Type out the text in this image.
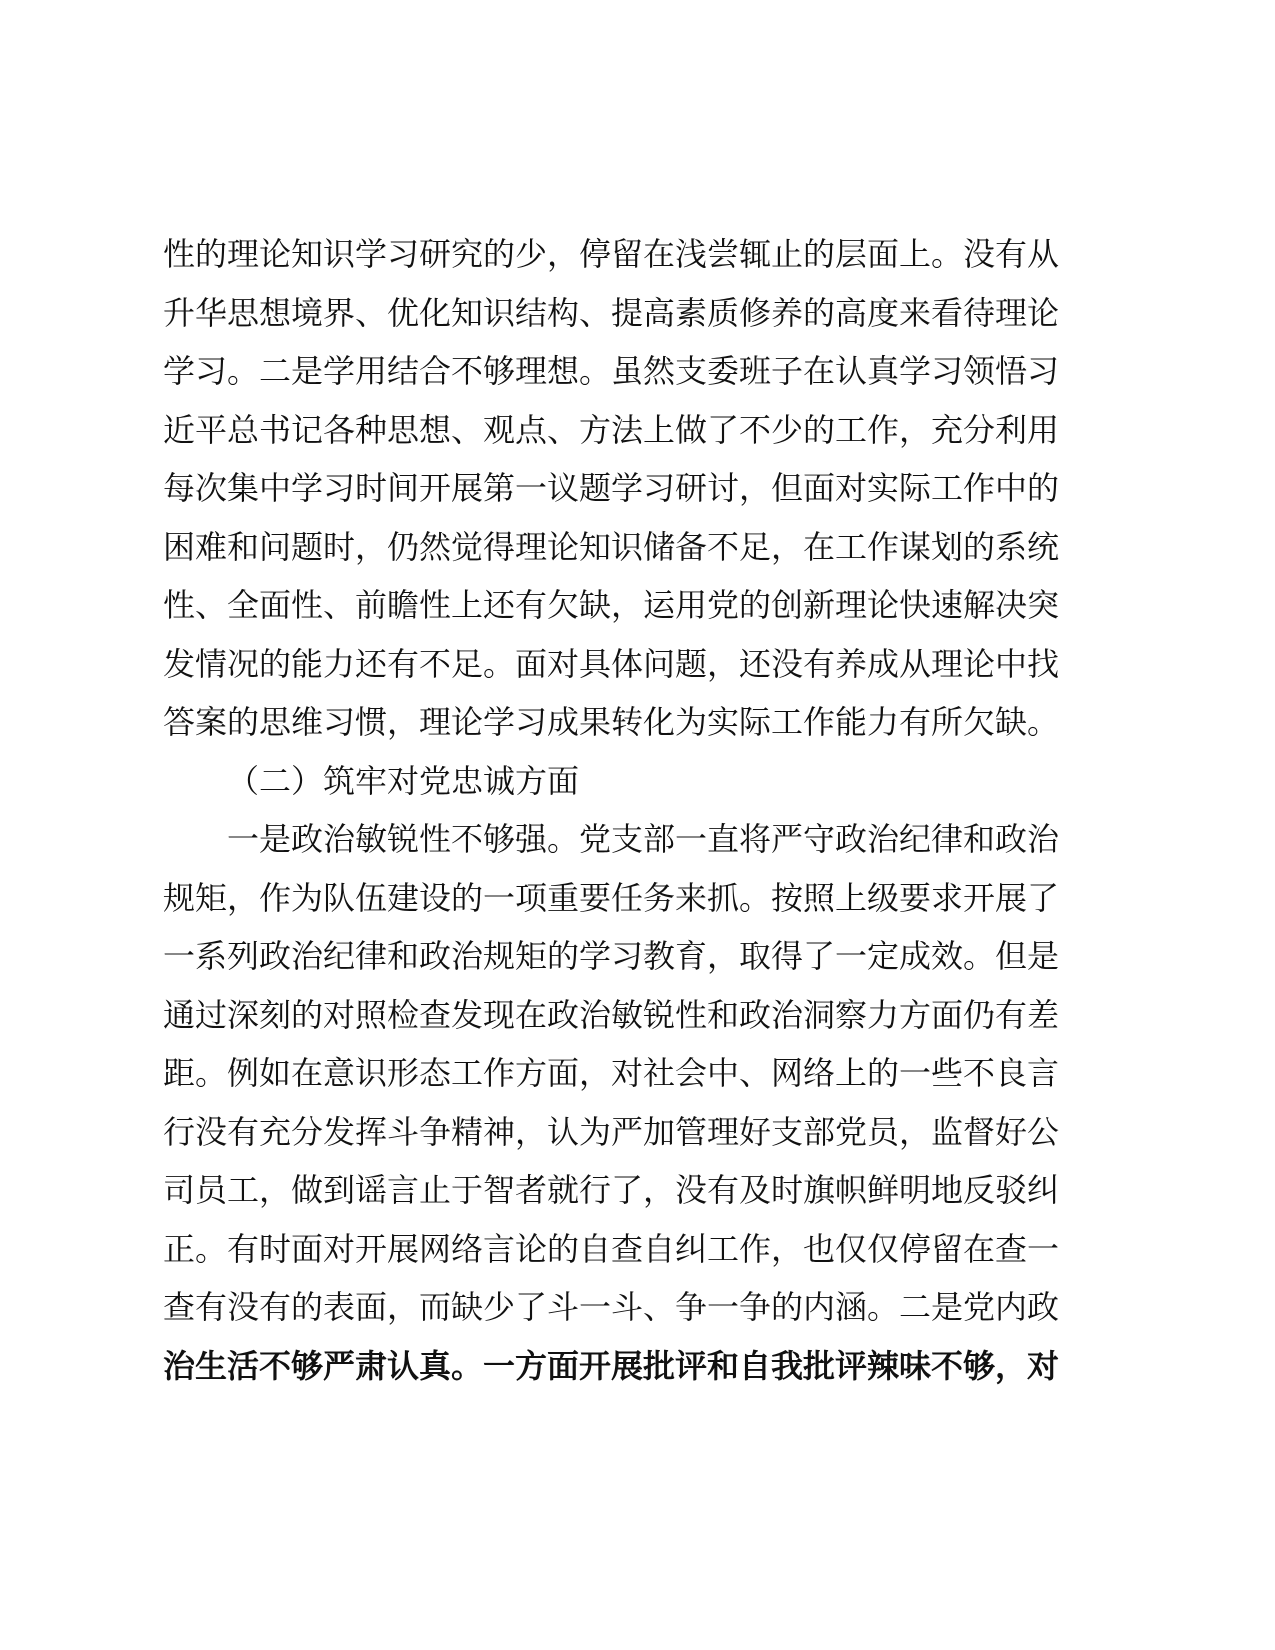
性的理论知识学习研究的少，停留在浅尝辄止的层面上。没有从
升华思想境界、优化知识结构、提高素质修养的高度来看待理论
学习。二是学用结合不够理想。虽然支委班子在认真学习领悟习
近平总书记各种思想、观点、方法上做了不少的工作，充分利用
每次集中学习时间开展第一议题学习研讨，但面对实际工作中的
困难和问题时，仍然觉得理论知识储备不足，在工作谋划的系统
性、全面性、前瞻性上还有欠缺，运用党的创新理论快速解决突
发情况的能力还有不足。面对具体问题，还没有养成从理论中找
答案的思维习惯，理论学习成果转化为实际工作能力有所欠缺。
（二）筑牢对党忠诚方面
一是政治敏锐性不够强。党支部一直将严守政治纪律和政治
规矩，作为队伍建设的一项重要任务来抓。按照上级要求开展了
一系列政治纪律和政治规矩的学习教育，取得了一定成效。但是
通过深刻的对照检查发现在政治敏锐性和政治洞察力方面仍有差
距。例如在意识形态工作方面，对社会中、网络上的一些不良言
行没有充分发挥斗争精神，认为严加管理好支部党员，监督好公
司员工，做到谣言止于智者就行了，没有及时旗帜鲜明地反驳纠
正。有时面对开展网络言论的自查自纠工作，也仅仅停留在查一
查有没有的表面，而缺少了斗一斗、争一争的内涵。二是党内政
治生活不够严肃认真。一方面开展批评和自我批评辣味不够，对
